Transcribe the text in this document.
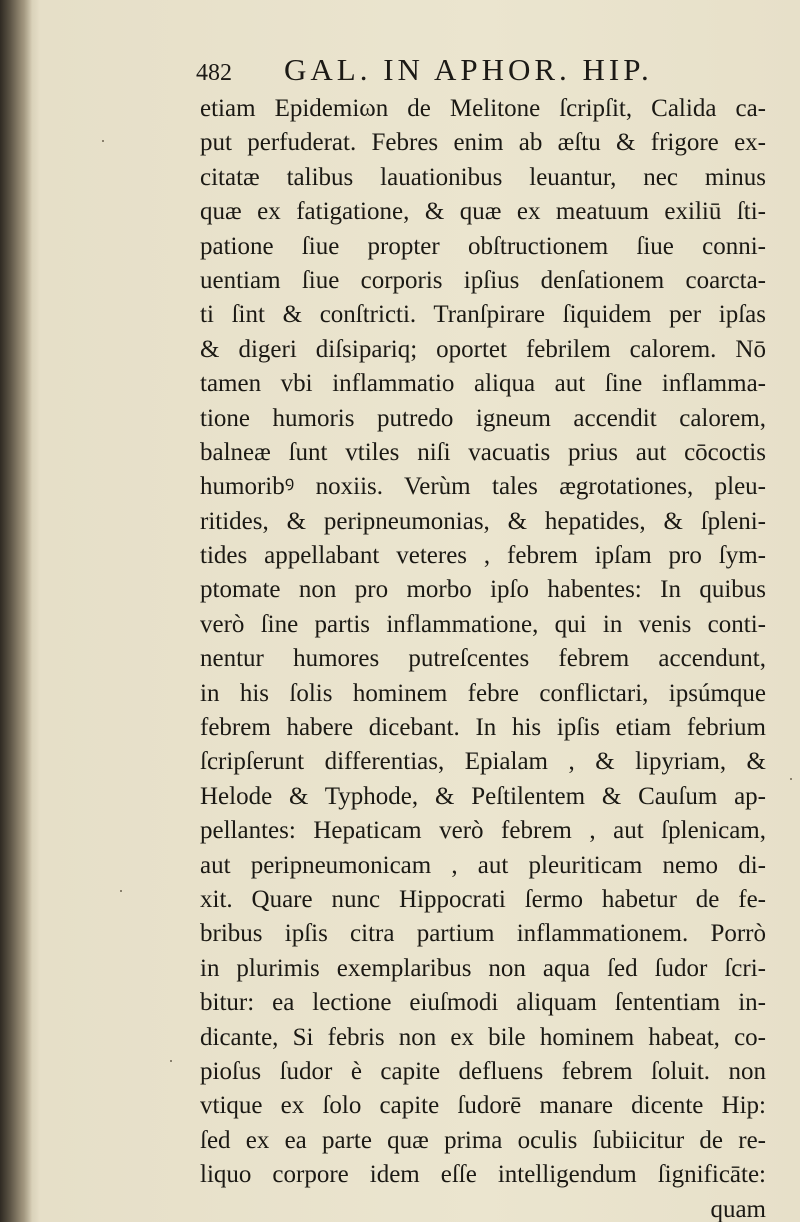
482 GAL. IN APHOR. HIP.
etiam Epidemiωn de Melitone ſcripſit, Calida ca-
put perfuderat. Febres enim ab æſtu & frigore ex-
citatæ talibus lauationibus leuantur, nec minus
quæ ex fatigatione, & quæ ex meatuum exiliū ſti-
patione ſiue propter obſtructionem ſiue conni-
uentiam ſiue corporis ipſius denſationem coarcta-
ti ſint & conſtricti. Tranſpirare ſiquidem per ipſas
& digeri diſsipariq; oportet febrilem calorem. Nō
tamen vbi inflammatio aliqua aut ſine inflamma-
tione humoris putredo igneum accendit calorem,
balneæ ſunt vtiles niſi vacuatis prius aut cōcoctis
humoribꝰ noxiis. Verùm tales ægrotationes, pleu-
ritides, & peripneumonias, & hepatides, & ſpleni-
tides appellabant veteres , febrem ipſam pro ſym-
ptomate non pro morbo ipſo habentes: In quibus
verò ſine partis inflammatione, qui in venis conti-
nentur humores putreſcentes febrem accendunt,
in his ſolis hominem febre conflictari, ipsúmque
febrem habere dicebant. In his ipſis etiam febrium
ſcripſerunt differentias, Epialam , & lipyriam, &
Helode & Typhode, & Peſtilentem & Cauſum ap-
pellantes: Hepaticam verò febrem , aut ſplenicam,
aut peripneumonicam , aut pleuriticam nemo di-
xit. Quare nunc Hippocrati ſermo habetur de fe-
bribus ipſis citra partium inflammationem. Porrò
in plurimis exemplaribus non aqua ſed ſudor ſcri-
bitur: ea lectione eiuſmodi aliquam ſententiam in-
dicante, Si febris non ex bile hominem habeat, co-
pioſus ſudor è capite defluens febrem ſoluit. non
vtique ex ſolo capite ſudorē manare dicente Hip:
ſed ex ea parte quæ prima oculis ſubiicitur de re-
liquo corpore idem eſſe intelligendum ſignificāte:
quam
